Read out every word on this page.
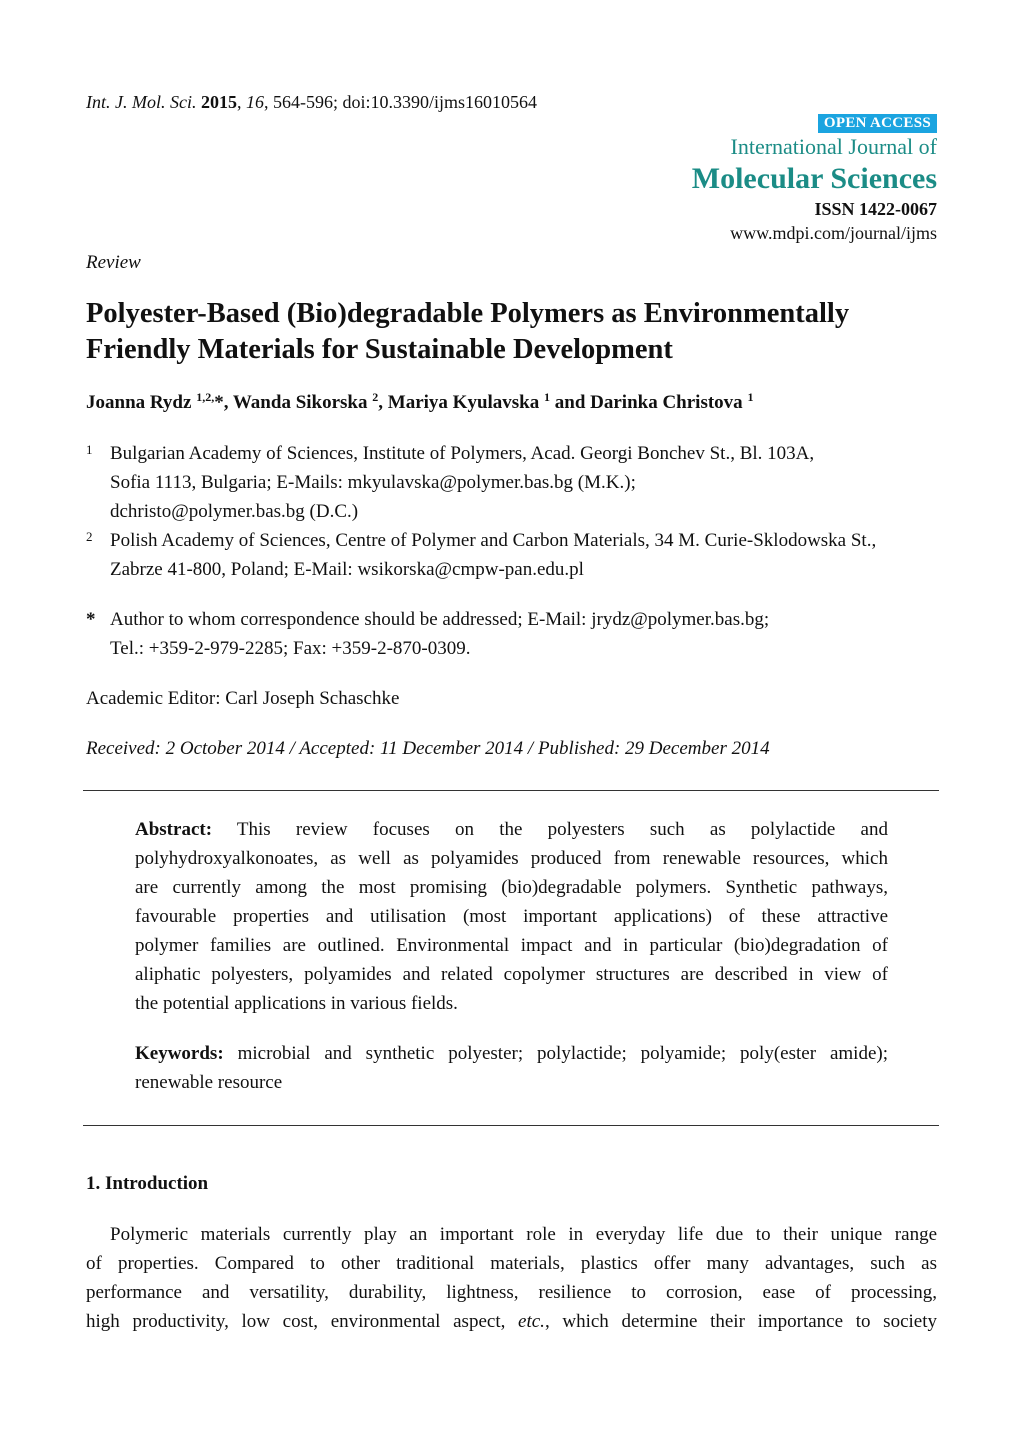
Int. J. Mol. Sci. 2015, 16, 564-596; doi:10.3390/ijms16010564
OPEN ACCESS
International Journal of
Molecular Sciences
ISSN 1422-0067
www.mdpi.com/journal/ijms
Review
Polyester-Based (Bio)degradable Polymers as Environmentally
Friendly Materials for Sustainable Development
Joanna Rydz $^{1,2,}$*, Wanda Sikorska $^2$, Mariya Kyulavska $^1$ and Darinka Christova $^1$
1 Bulgarian Academy of Sciences, Institute of Polymers, Acad. Georgi Bonchev St., Bl. 103A,
Sofia 1113, Bulgaria; E-Mails: mkyulavska@polymer.bas.bg (M.K.);
dchristo@polymer.bas.bg (D.C.)
2 Polish Academy of Sciences, Centre of Polymer and Carbon Materials, 34 M. Curie-Sklodowska St.,
Zabrze 41-800, Poland; E-Mail: wsikorska@cmpw-pan.edu.pl
* Author to whom correspondence should be addressed; E-Mail: jrydz@polymer.bas.bg;
Tel.: +359-2-979-2285; Fax: +359-2-870-0309.
Academic Editor: Carl Joseph Schaschke
Received: 2 October 2014 / Accepted: 11 December 2014 / Published: 29 December 2014
Abstract: This review focuses on the polyesters such as polylactide and
polyhydroxyalkonoates, as well as polyamides produced from renewable resources, which
are currently among the most promising (bio)degradable polymers. Synthetic pathways,
favourable properties and utilisation (most important applications) of these attractive
polymer families are outlined. Environmental impact and in particular (bio)degradation of
aliphatic polyesters, polyamides and related copolymer structures are described in view of
the potential applications in various fields.
Keywords: microbial and synthetic polyester; polylactide; polyamide; poly(ester amide);
renewable resource
1. Introduction
Polymeric materials currently play an important role in everyday life due to their unique range
of properties. Compared to other traditional materials, plastics offer many advantages, such as
performance and versatility, durability, lightness, resilience to corrosion, ease of processing,
high productivity, low cost, environmental aspect, etc., which determine their importance to society
